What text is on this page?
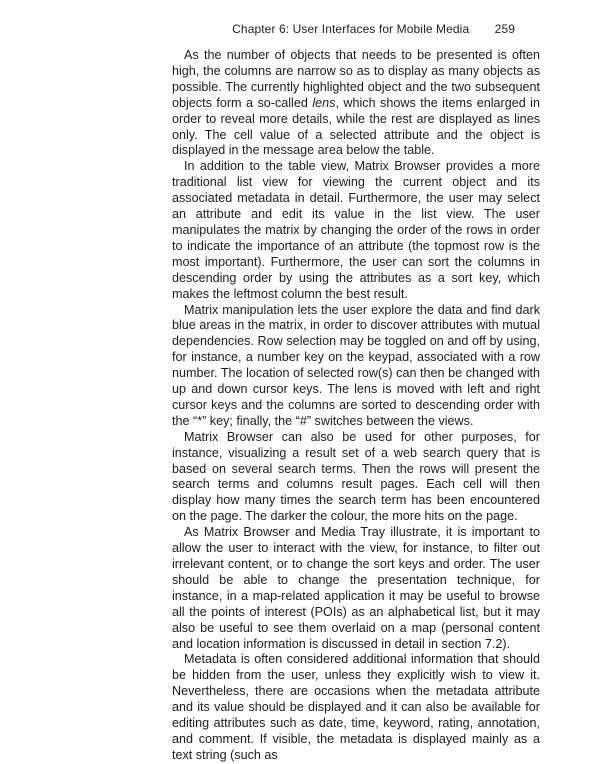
Chapter 6: User Interfaces for Mobile Media 259

As the number of objects that needs to be presented is often high, the columns are narrow so as to display as many objects as possible. The currently highlighted object and the two subsequent objects form a so-called lens, which shows the items enlarged in order to reveal more details, while the rest are displayed as lines only. The cell value of a selected attribute and the object is displayed in the message area below the table.

In addition to the table view, Matrix Browser provides a more traditional list view for viewing the current object and its associated metadata in detail. Furthermore, the user may select an attribute and edit its value in the list view. The user manipulates the matrix by changing the order of the rows in order to indicate the importance of an attribute (the topmost row is the most important). Furthermore, the user can sort the columns in descending order by using the attributes as a sort key, which makes the leftmost column the best result.

Matrix manipulation lets the user explore the data and find dark blue areas in the matrix, in order to discover attributes with mutual dependencies. Row selection may be toggled on and off by using, for instance, a number key on the keypad, associated with a row number. The location of selected row(s) can then be changed with up and down cursor keys. The lens is moved with left and right cursor keys and the columns are sorted to descending order with the “*” key; finally, the “#” switches between the views.

Matrix Browser can also be used for other purposes, for instance, visualizing a result set of a web search query that is based on several search terms. Then the rows will present the search terms and columns result pages. Each cell will then display how many times the search term has been encountered on the page. The darker the colour, the more hits on the page.

As Matrix Browser and Media Tray illustrate, it is important to allow the user to interact with the view, for instance, to filter out irrelevant content, or to change the sort keys and order. The user should be able to change the presentation technique, for instance, in a map-related application it may be useful to browse all the points of interest (POIs) as an alphabetical list, but it may also be useful to see them overlaid on a map (personal content and location information is discussed in detail in section 7.2).

Metadata is often considered additional information that should be hidden from the user, unless they explicitly wish to view it. Nevertheless, there are occasions when the metadata attribute and its value should be displayed and it can also be available for editing attributes such as date, time, keyword, rating, annotation, and comment. If visible, the metadata is displayed mainly as a text string (such as
